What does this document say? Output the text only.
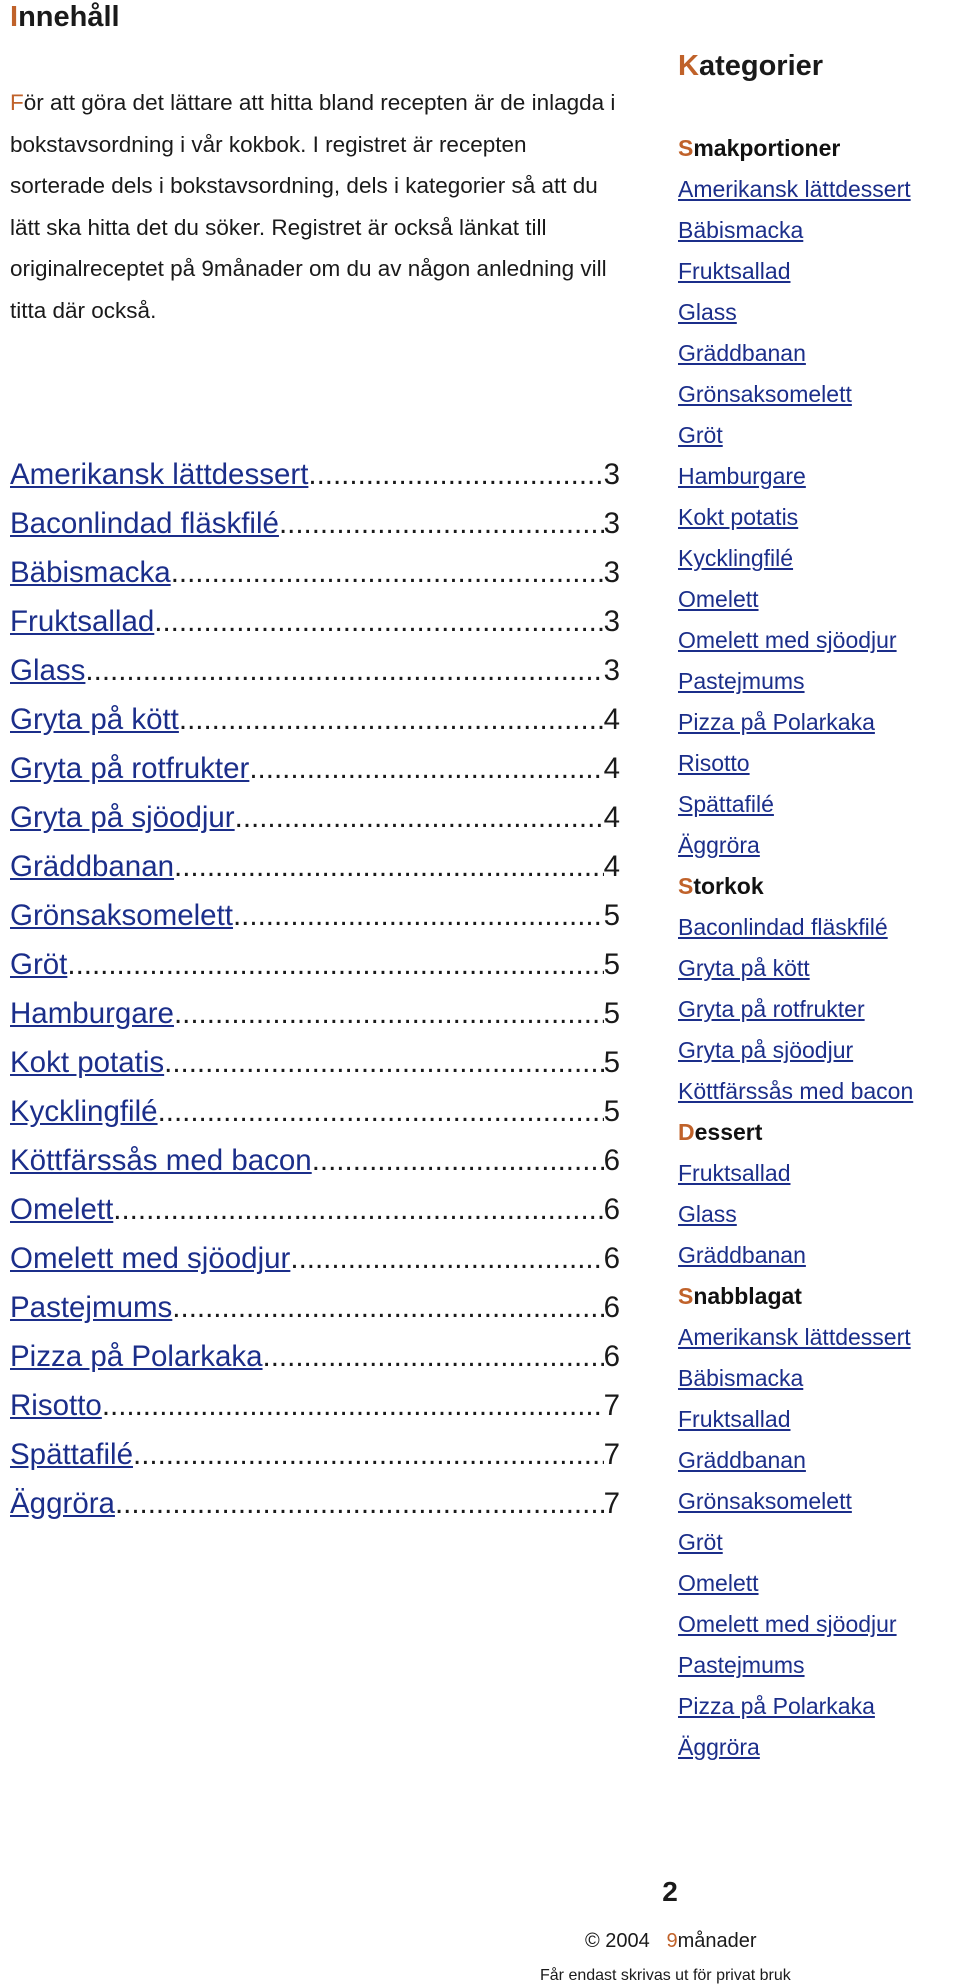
Innehåll

För att göra det lättare att hitta bland recepten är de inlagda i bokstavsordning i vår kokbok. I registret är recepten sorterade dels i bokstavsordning, dels i kategorier så att du lätt ska hitta det du söker. Registret är också länkat till originalreceptet på 9månader om du av någon anledning vill titta där också.

Amerikansk lättdessert .....	3
Baconlindad fläskfilé .....	3
Bäbismacka .....	3
Fruktsallad .....	3
Glass .....	3
Gryta på kött .....	4
Gryta på rotfrukter .....	4
Gryta på sjöodjur .....	4
Gräddbanan .....	4
Grönsaksomelett .....	5
Gröt .....	5
Hamburgare .....	5
Kokt potatis .....	5
Kycklingfilé .....	5
Köttfärssås med bacon .....	6
Omelett .....	6
Omelett med sjöodjur .....	6
Pastejmums .....	6
Pizza på Polarkaka .....	6
Risotto .....	7
Spättafilé .....	7
Äggröra .....	7
Kategorier
Smakportioner
Amerikansk lättdessert
Bäbismacka
Fruktsallad
Glass
Gräddbanan
Grönsaksomelett
Gröt
Hamburgare
Kokt potatis
Kycklingfilé
Omelett
Omelett med sjöodjur
Pastejmums
Pizza på Polarkaka
Risotto
Spättafilé
Äggröra
Storkok
Baconlindad fläskfilé
Gryta på kött
Gryta på rotfrukter
Gryta på sjöodjur
Köttfärssås med bacon
Dessert
Fruktsallad
Glass
Gräddbanan
Snabblagat
Amerikansk lättdessert
Bäbismacka
Fruktsallad
Gräddbanan
Grönsaksomelett
Gröt
Omelett
Omelett med sjöodjur
Pastejmums
Pizza på Polarkaka
Äggröra
2
© 2004 9månader
Får endast skrivas ut för privat bruk
